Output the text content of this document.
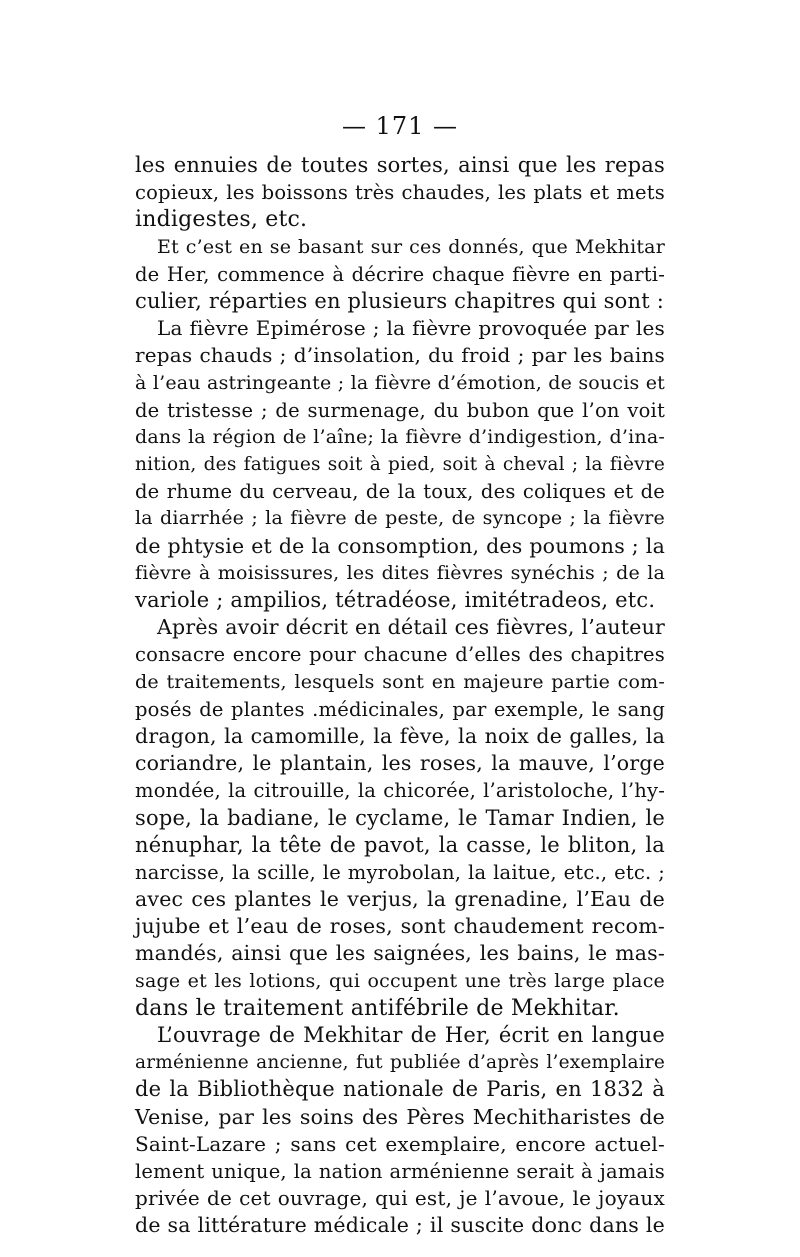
— 171 —
les ennuies de toutes sortes, ainsi que les repas
copieux, les boissons très chaudes, les plats et mets
indigestes, etc.
Et c’est en se basant sur ces donnés, que Mekhitar
de Her, commence à décrire chaque fièvre en parti-
culier, réparties en plusieurs chapitres qui sont :
La fièvre Epimérose ; la fièvre provoquée par les
repas chauds ; d’insolation, du froid ; par les bains
à l’eau astringeante ; la fièvre d’émotion, de soucis et
de tristesse ; de surmenage, du bubon que l’on voit
dans la région de l’aîne; la fièvre d’indigestion, d’ina-
nition, des fatigues soit à pied, soit à cheval ; la fièvre
de rhume du cerveau, de la toux, des coliques et de
la diarrhée ; la fièvre de peste, de syncope ; la fièvre
de phtysie et de la consomption, des poumons ; la
fièvre à moisissures, les dites fièvres synéchis ; de la
variole ; ampilios, tétradéose, imitétradeos, etc.
Après avoir décrit en détail ces fièvres, l’auteur
consacre encore pour chacune d’elles des chapitres
de traitements, lesquels sont en majeure partie com-
posés de plantes .médicinales, par exemple, le sang
dragon, la camomille, la fève, la noix de galles, la
coriandre, le plantain, les roses, la mauve, l’orge
mondée, la citrouille, la chicorée, l’aristoloche, l’hy-
sope, la badiane, le cyclame, le Tamar Indien, le
nénuphar, la tête de pavot, la casse, le bliton, la
narcisse, la scille, le myrobolan, la laitue, etc., etc. ;
avec ces plantes le verjus, la grenadine, l’Eau de
jujube et l’eau de roses, sont chaudement recom-
mandés, ainsi que les saignées, les bains, le mas-
sage et les lotions, qui occupent une très large place
dans le traitement antifébrile de Mekhitar.
L’ouvrage de Mekhitar de Her, écrit en langue
arménienne ancienne, fut publiée d’après l’exemplaire
de la Bibliothèque nationale de Paris, en 1832 à
Venise, par les soins des Pères Mechitharistes de
Saint-Lazare ; sans cet exemplaire, encore actuel-
lement unique, la nation arménienne serait à jamais
privée de cet ouvrage, qui est, je l’avoue, le joyaux
de sa littérature médicale ; il suscite donc dans le
